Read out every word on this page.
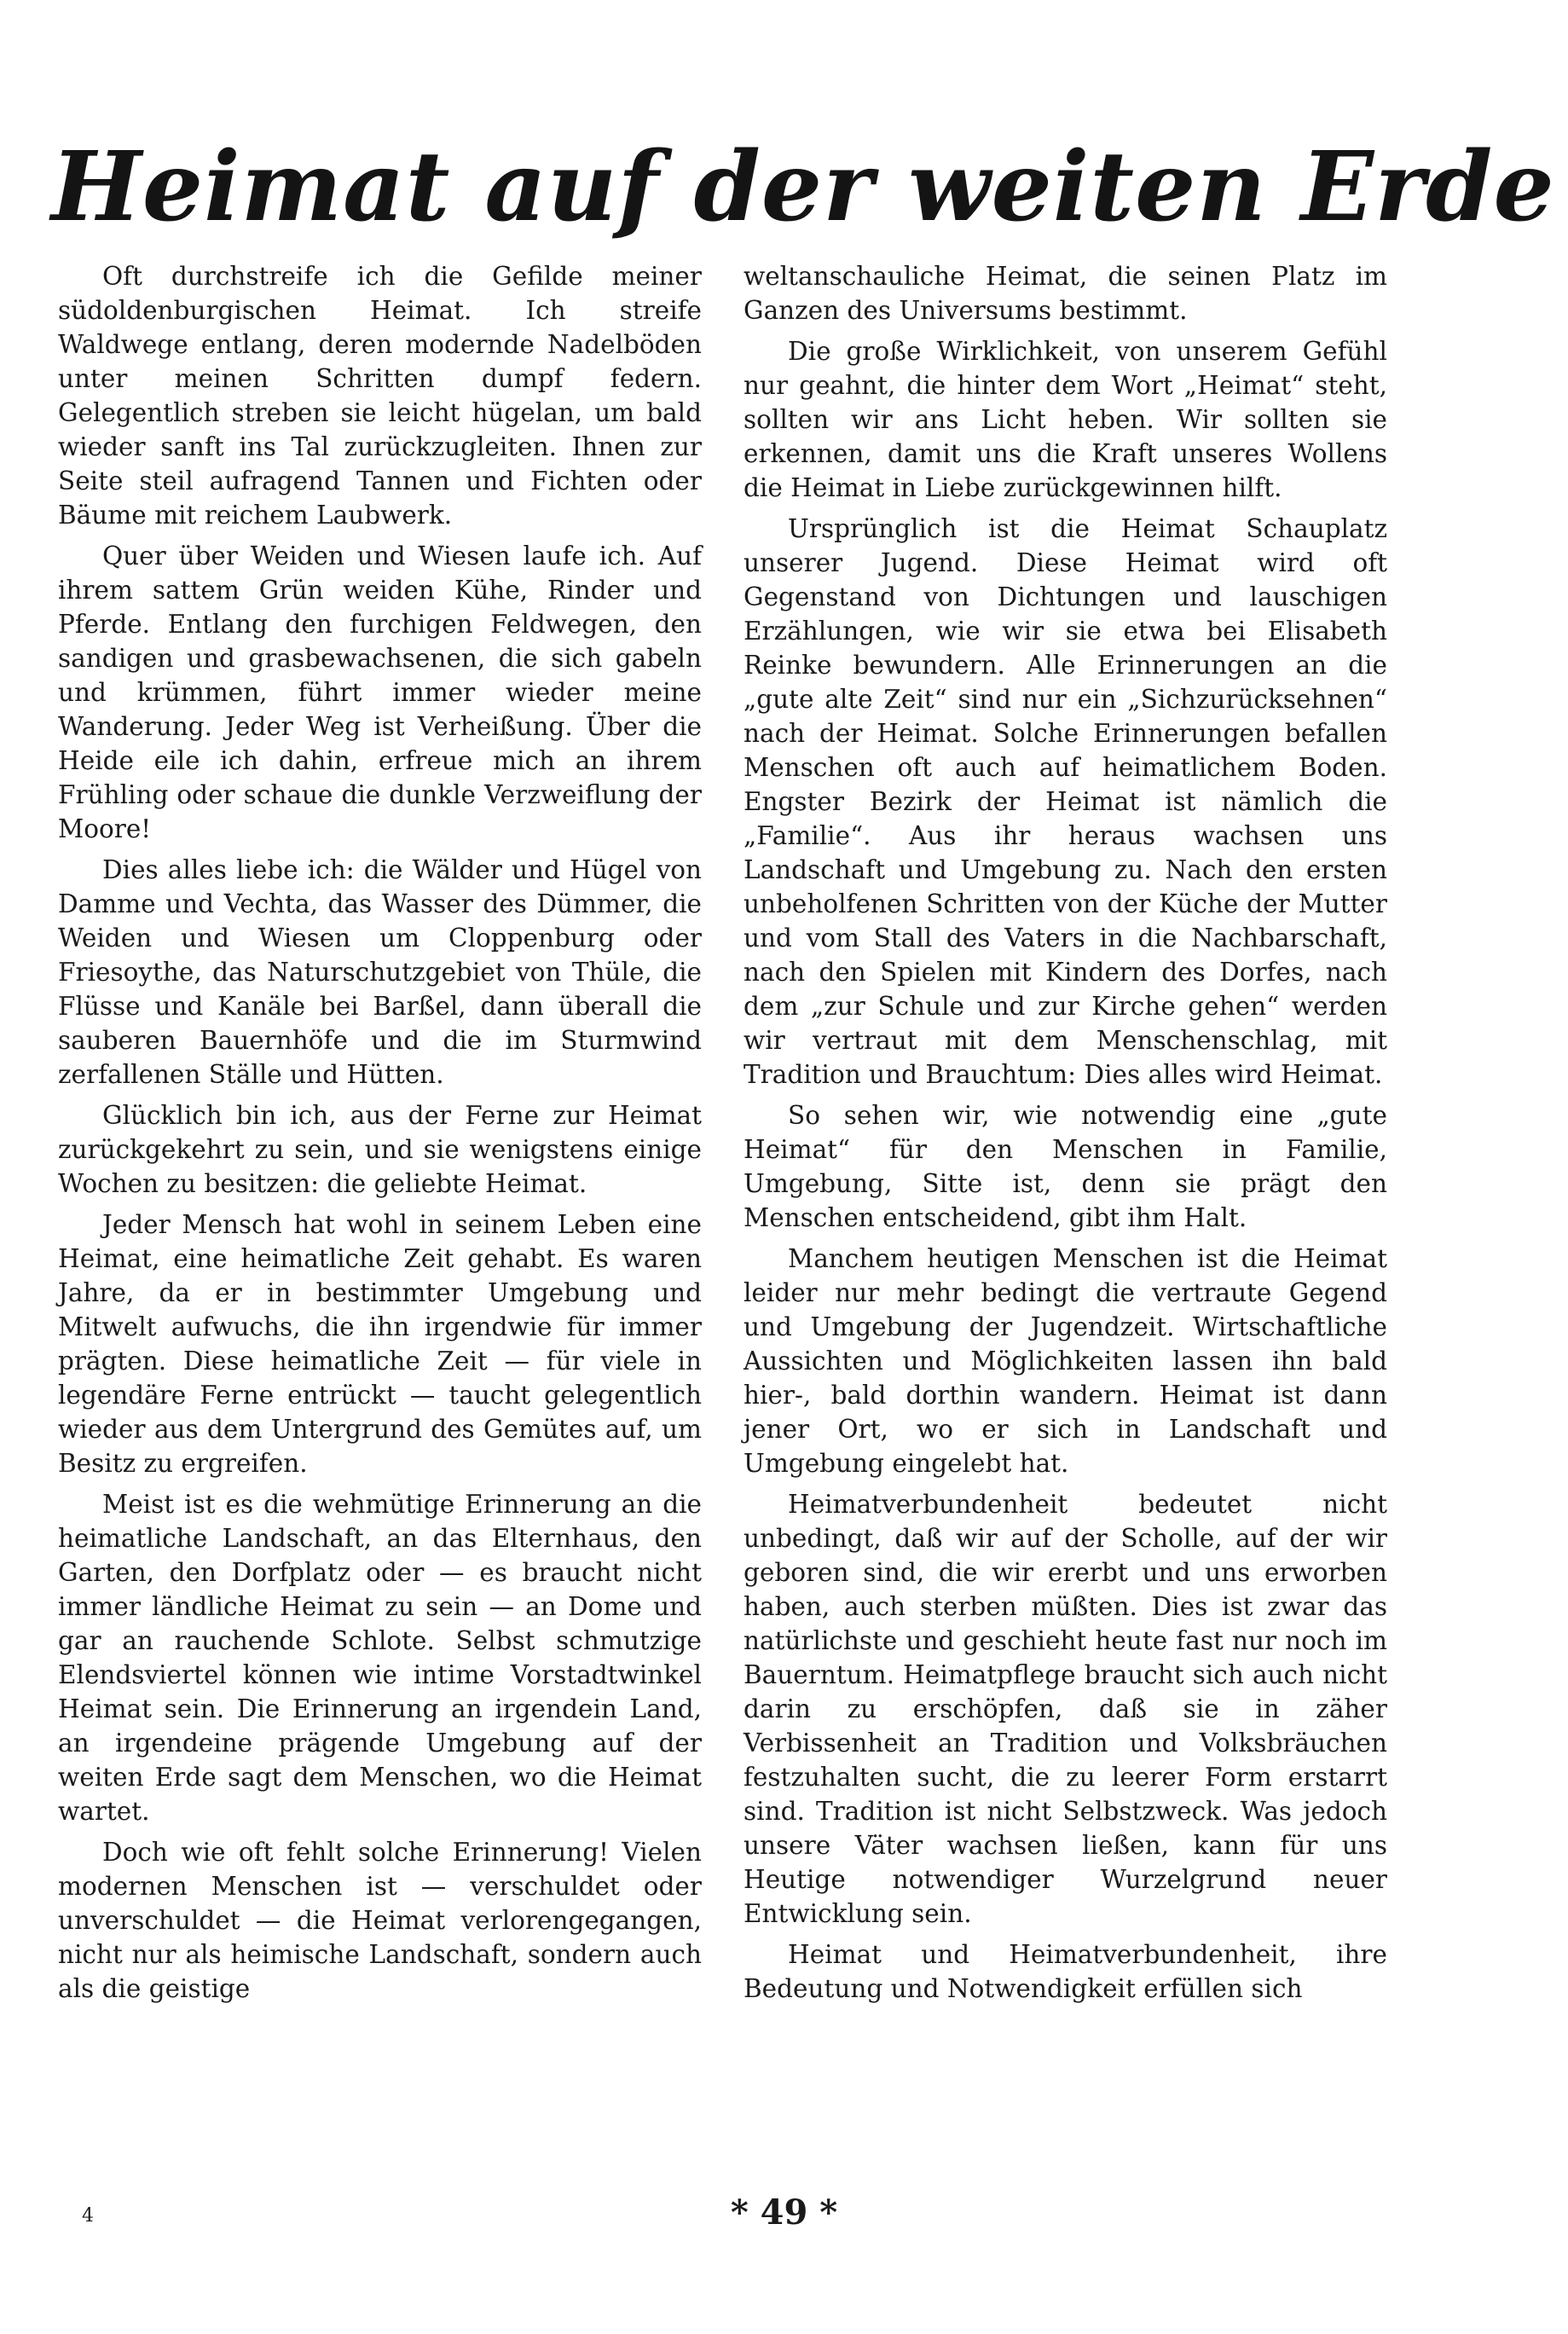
Heimat auf der weiten Erde

Oft durchstreife ich die Gefilde meiner südoldenburgischen Heimat. Ich streife Waldwege entlang, deren modernde Nadelböden unter meinen Schritten dumpf federn. Gelegentlich streben sie leicht hügelan, um bald wieder sanft ins Tal zurückzugleiten. Ihnen zur Seite steil aufragend Tannen und Fichten oder Bäume mit reichem Laubwerk.

Quer über Weiden und Wiesen laufe ich. Auf ihrem sattem Grün weiden Kühe, Rinder und Pferde. Entlang den furchigen Feldwegen, den sandigen und grasbewachsenen, die sich gabeln und krümmen, führt immer wieder meine Wanderung. Jeder Weg ist Verheißung. Über die Heide eile ich dahin, erfreue mich an ihrem Frühling oder schaue die dunkle Verzweiflung der Moore!

Dies alles liebe ich: die Wälder und Hügel von Damme und Vechta, das Wasser des Dümmer, die Weiden und Wiesen um Cloppenburg oder Friesoythe, das Naturschutzgebiet von Thüle, die Flüsse und Kanäle bei Barßel, dann überall die sauberen Bauernhöfe und die im Sturmwind zerfallenen Ställe und Hütten.

Glücklich bin ich, aus der Ferne zur Heimat zurückgekehrt zu sein, und sie wenigstens einige Wochen zu besitzen: die geliebte Heimat.

Jeder Mensch hat wohl in seinem Leben eine Heimat, eine heimatliche Zeit gehabt. Es waren Jahre, da er in bestimmter Umgebung und Mitwelt aufwuchs, die ihn irgendwie für immer prägten. Diese heimatliche Zeit — für viele in legendäre Ferne entrückt — taucht gelegentlich wieder aus dem Untergrund des Gemütes auf, um Besitz zu ergreifen.

Meist ist es die wehmütige Erinnerung an die heimatliche Landschaft, an das Elternhaus, den Garten, den Dorfplatz oder — es braucht nicht immer ländliche Heimat zu sein — an Dome und gar an rauchende Schlote. Selbst schmutzige Elendsviertel können wie intime Vorstadtwinkel Heimat sein. Die Erinnerung an irgendein Land, an irgendeine prägende Umgebung auf der weiten Erde sagt dem Menschen, wo die Heimat wartet.

Doch wie oft fehlt solche Erinnerung! Vielen modernen Menschen ist — verschuldet oder unverschuldet — die Heimat verlorengegangen, nicht nur als heimische Landschaft, sondern auch als die geistige

weltanschauliche Heimat, die seinen Platz im Ganzen des Universums bestimmt.

Die große Wirklichkeit, von unserem Gefühl nur geahnt, die hinter dem Wort „Heimat“ steht, sollten wir ans Licht heben. Wir sollten sie erkennen, damit uns die Kraft unseres Wollens die Heimat in Liebe zurückgewinnen hilft.

Ursprünglich ist die Heimat Schauplatz unserer Jugend. Diese Heimat wird oft Gegenstand von Dichtungen und lauschigen Erzählungen, wie wir sie etwa bei Elisabeth Reinke bewundern. Alle Erinnerungen an die „gute alte Zeit“ sind nur ein „Sichzurücksehnen“ nach der Heimat. Solche Erinnerungen befallen Menschen oft auch auf heimatlichem Boden. Engster Bezirk der Heimat ist nämlich die „Familie“. Aus ihr heraus wachsen uns Landschaft und Umgebung zu. Nach den ersten unbeholfenen Schritten von der Küche der Mutter und vom Stall des Vaters in die Nachbarschaft, nach den Spielen mit Kindern des Dorfes, nach dem „zur Schule und zur Kirche gehen“ werden wir vertraut mit dem Menschenschlag, mit Tradition und Brauchtum: Dies alles wird Heimat.

So sehen wir, wie notwendig eine „gute Heimat“ für den Menschen in Familie, Umgebung, Sitte ist, denn sie prägt den Menschen entscheidend, gibt ihm Halt.

Manchem heutigen Menschen ist die Heimat leider nur mehr bedingt die vertraute Gegend und Umgebung der Jugendzeit. Wirtschaftliche Aussichten und Möglichkeiten lassen ihn bald hier-, bald dorthin wandern. Heimat ist dann jener Ort, wo er sich in Landschaft und Umgebung eingelebt hat.

Heimatverbundenheit bedeutet nicht unbedingt, daß wir auf der Scholle, auf der wir geboren sind, die wir ererbt und uns erworben haben, auch sterben müßten. Dies ist zwar das natürlichste und geschieht heute fast nur noch im Bauerntum. Heimatpflege braucht sich auch nicht darin zu erschöpfen, daß sie in zäher Verbissenheit an Tradition und Volksbräuchen festzuhalten sucht, die zu leerer Form erstarrt sind. Tradition ist nicht Selbstzweck. Was jedoch unsere Väter wachsen ließen, kann für uns Heutige notwendiger Wurzelgrund neuer Entwicklung sein.

Heimat und Heimatverbundenheit, ihre Bedeutung und Notwendigkeit erfüllen sich

4	* 49 *
